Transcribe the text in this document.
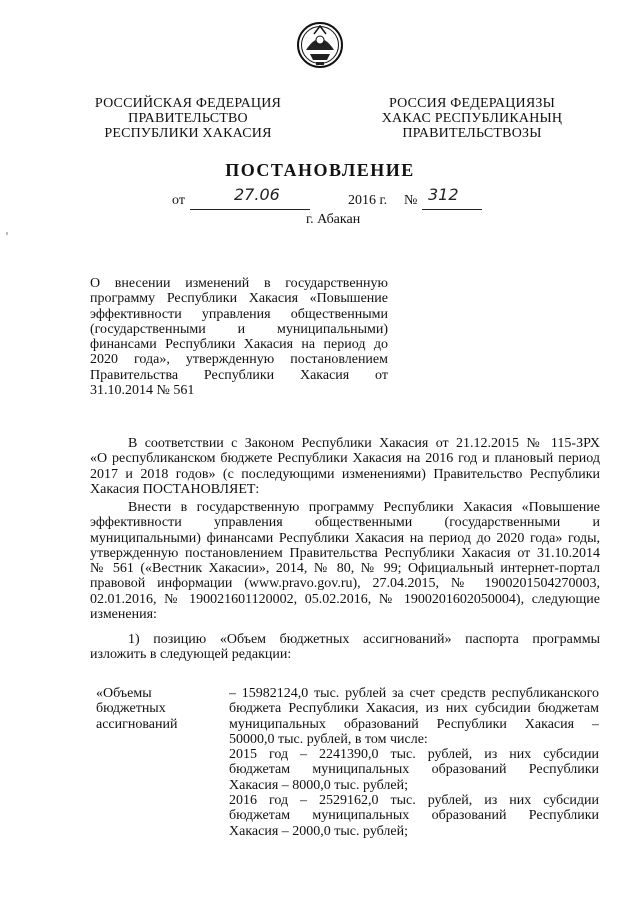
РОССИЙСКАЯ ФЕДЕРАЦИЯ
ПРАВИТЕЛЬСТВО
РЕСПУБЛИКИ ХАКАСИЯ
РОССИЯ ФЕДЕРАЦИЯЗЫ
ХАКАС РЕСПУБЛИКАНЫҢ
ПРАВИТЕЛЬСТВОЗЫ
ПОСТАНОВЛЕНИЕ
от	27.06	2016 г. № 312
г. Абакан
О внесении изменений в государственную
программу Республики Хакасия «Повышение
эффективности управления общественными
(государственными и муниципальными)
финансами Республики Хакасия на период до
2020 года», утвержденную постановлением
Правительства Республики Хакасия от
31.10.2014 № 561
В соответствии с Законом Республики Хакасия от 21.12.2015 № 115-ЗРХ
«О республиканском бюджете Республики Хакасия на 2016 год и плановый период
2017 и 2018 годов» (с последующими изменениями) Правительство Республики
Хакасия ПОСТАНОВЛЯЕТ:
Внести в государственную программу Республики Хакасия «Повышение
эффективности управления общественными (государственными и
муниципальными) финансами Республики Хакасия на период до 2020 года» годы,
утвержденную постановлением Правительства Республики Хакасия от 31.10.2014
№ 561 («Вестник Хакасии», 2014, № 80, № 99; Официальный интернет-портал
правовой информации (www.pravo.gov.ru), 27.04.2015, № 1900201504270003,
02.01.2016, № 190021601120002, 05.02.2016, № 1900201602050004), следующие
изменения:
1) позицию «Объем бюджетных ассигнований» паспорта программы
изложить в следующей редакции:
«Объемы
бюджетных
ассигнований
– 15982124,0 тыс. рублей за счет средств республиканского
бюджета Республики Хакасия, из них субсидии бюджетам
муниципальных образований Республики Хакасия –
50000,0 тыс. рублей, в том числе:
2015 год – 2241390,0 тыс. рублей, из них субсидии
бюджетам муниципальных образований Республики
Хакасия – 8000,0 тыс. рублей;
2016 год – 2529162,0 тыс. рублей, из них субсидии
бюджетам муниципальных образований Республики
Хакасия – 2000,0 тыс. рублей;
